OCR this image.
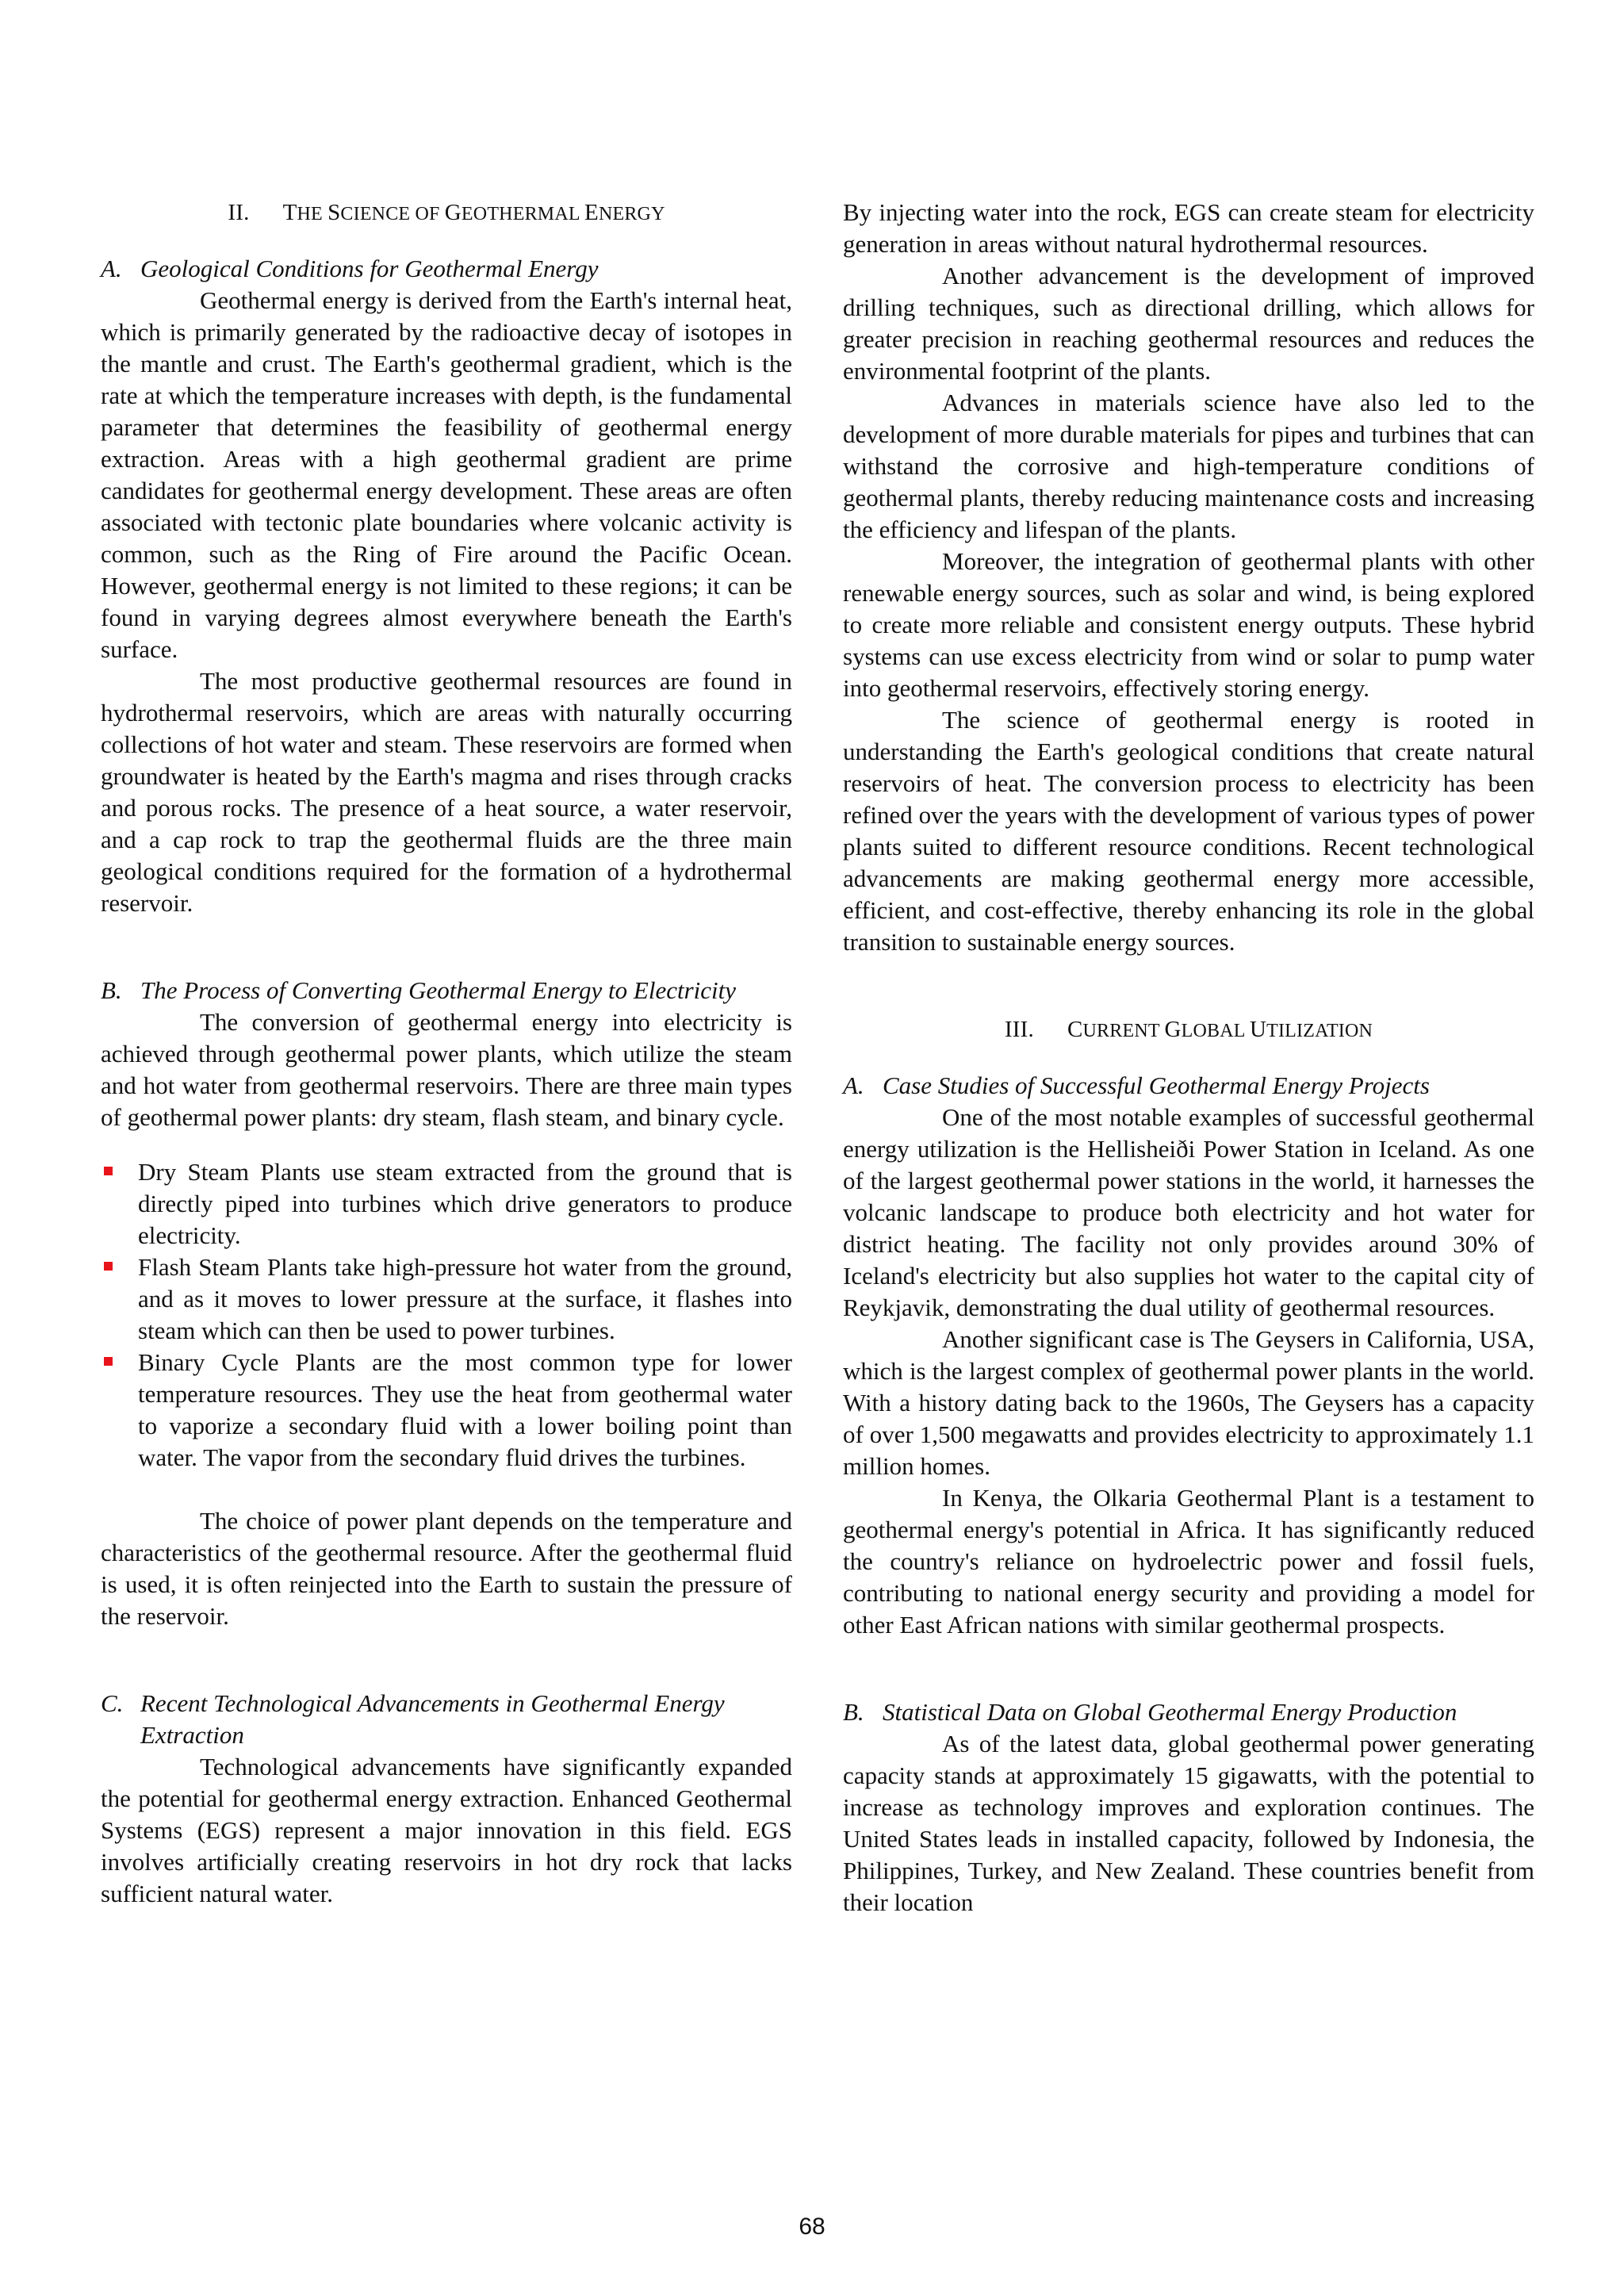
II. THE SCIENCE OF GEOTHERMAL ENERGY
A. Geological Conditions for Geothermal Energy

Geothermal energy is derived from the Earth's internal heat, which is primarily generated by the radioactive decay of isotopes in the mantle and crust. The Earth's geothermal gradient, which is the rate at which the temperature increases with depth, is the fundamental parameter that determines the feasibility of geothermal energy extraction. Areas with a high geothermal gradient are prime candidates for geothermal energy development. These areas are often associated with tectonic plate boundaries where volcanic activity is common, such as the Ring of Fire around the Pacific Ocean. However, geothermal energy is not limited to these regions; it can be found in varying degrees almost everywhere beneath the Earth's surface.

The most productive geothermal resources are found in hydrothermal reservoirs, which are areas with naturally occurring collections of hot water and steam. These reservoirs are formed when groundwater is heated by the Earth's magma and rises through cracks and porous rocks. The presence of a heat source, a water reservoir, and a cap rock to trap the geothermal fluids are the three main geological conditions required for the formation of a hydrothermal reservoir.

B. The Process of Converting Geothermal Energy to Electricity

The conversion of geothermal energy into electricity is achieved through geothermal power plants, which utilize the steam and hot water from geothermal reservoirs. There are three main types of geothermal power plants: dry steam, flash steam, and binary cycle.

Dry Steam Plants use steam extracted from the ground that is directly piped into turbines which drive generators to produce electricity.
Flash Steam Plants take high-pressure hot water from the ground, and as it moves to lower pressure at the surface, it flashes into steam which can then be used to power turbines.
Binary Cycle Plants are the most common type for lower temperature resources. They use the heat from geothermal water to vaporize a secondary fluid with a lower boiling point than water. The vapor from the secondary fluid drives the turbines.

The choice of power plant depends on the temperature and characteristics of the geothermal resource. After the geothermal fluid is used, it is often reinjected into the Earth to sustain the pressure of the reservoir.

C. Recent Technological Advancements in Geothermal Energy Extraction

Technological advancements have significantly expanded the potential for geothermal energy extraction. Enhanced Geothermal Systems (EGS) represent a major innovation in this field. EGS involves artificially creating reservoirs in hot dry rock that lacks sufficient natural water.

By injecting water into the rock, EGS can create steam for electricity generation in areas without natural hydrothermal resources.

Another advancement is the development of improved drilling techniques, such as directional drilling, which allows for greater precision in reaching geothermal resources and reduces the environmental footprint of the plants.

Advances in materials science have also led to the development of more durable materials for pipes and turbines that can withstand the corrosive and high-temperature conditions of geothermal plants, thereby reducing maintenance costs and increasing the efficiency and lifespan of the plants.

Moreover, the integration of geothermal plants with other renewable energy sources, such as solar and wind, is being explored to create more reliable and consistent energy outputs. These hybrid systems can use excess electricity from wind or solar to pump water into geothermal reservoirs, effectively storing energy.

The science of geothermal energy is rooted in understanding the Earth's geological conditions that create natural reservoirs of heat. The conversion process to electricity has been refined over the years with the development of various types of power plants suited to different resource conditions. Recent technological advancements are making geothermal energy more accessible, efficient, and cost-effective, thereby enhancing its role in the global transition to sustainable energy sources.

III. CURRENT GLOBAL UTILIZATION
A. Case Studies of Successful Geothermal Energy Projects

One of the most notable examples of successful geothermal energy utilization is the Hellisheiði Power Station in Iceland. As one of the largest geothermal power stations in the world, it harnesses the volcanic landscape to produce both electricity and hot water for district heating. The facility not only provides around 30% of Iceland's electricity but also supplies hot water to the capital city of Reykjavik, demonstrating the dual utility of geothermal resources.

Another significant case is The Geysers in California, USA, which is the largest complex of geothermal power plants in the world. With a history dating back to the 1960s, The Geysers has a capacity of over 1,500 megawatts and provides electricity to approximately 1.1 million homes.

In Kenya, the Olkaria Geothermal Plant is a testament to geothermal energy's potential in Africa. It has significantly reduced the country's reliance on hydroelectric power and fossil fuels, contributing to national energy security and providing a model for other East African nations with similar geothermal prospects.

B. Statistical Data on Global Geothermal Energy Production

As of the latest data, global geothermal power generating capacity stands at approximately 15 gigawatts, with the potential to increase as technology improves and exploration continues. The United States leads in installed capacity, followed by Indonesia, the Philippines, Turkey, and New Zealand. These countries benefit from their location

68
